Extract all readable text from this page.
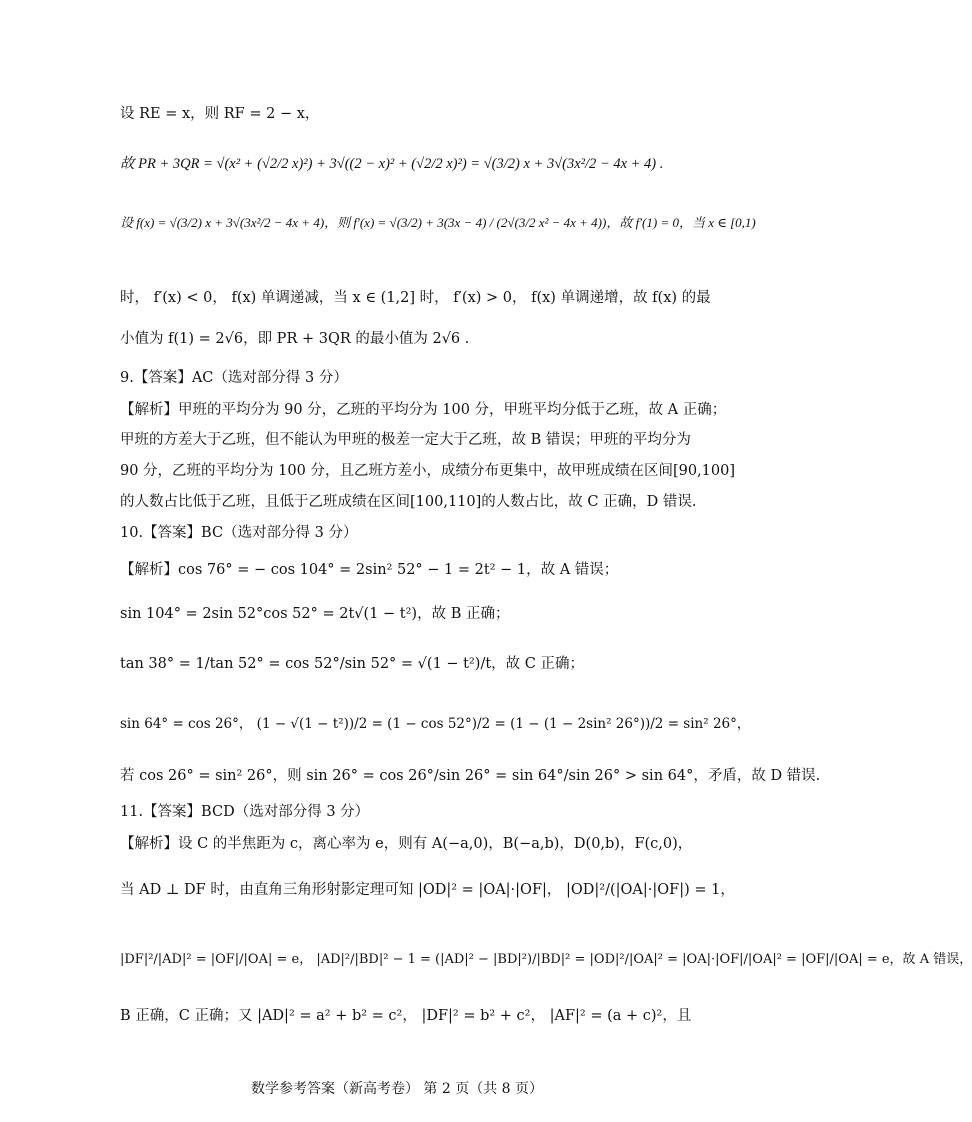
设 RE = x，则 RF = 2 − x，
故 PR + 3QR = √(x² + (√2/2 x)²) + 3√((2 − x)² + (√2/2 x)²) = √(3/2) x + 3√(3x²/2 − 4x + 4) .
设 f(x) = √(3/2) x + 3√(3x²/2 − 4x + 4)，则 f′(x) = √(3/2) + 3(3x − 4) / (2√(3/2 x² − 4x + 4))，故 f′(1) = 0，当 x ∈ [0,1)
时， f′(x) < 0， f(x) 单调递减，当 x ∈ (1,2] 时， f′(x) > 0， f(x) 单调递增，故 f(x) 的最
小值为 f(1) = 2√6，即 PR + 3QR 的最小值为 2√6 .
9.【答案】AC（选对部分得 3 分）
【解析】甲班的平均分为 90 分，乙班的平均分为 100 分，甲班平均分低于乙班，故 A 正确；
甲班的方差大于乙班，但不能认为甲班的极差一定大于乙班，故 B 错误；甲班的平均分为
90 分，乙班的平均分为 100 分，且乙班方差小，成绩分布更集中，故甲班成绩在区间[90,100]
的人数占比低于乙班，且低于乙班成绩在区间[100,110]的人数占比，故 C 正确，D 错误.
10.【答案】BC（选对部分得 3 分）
【解析】cos 76° = − cos 104° = 2sin² 52° − 1 = 2t² − 1，故 A 错误；
sin 104° = 2sin 52°cos 52° = 2t√(1 − t²)，故 B 正确；
tan 38° = 1/tan 52° = cos 52°/sin 52° = √(1 − t²)/t，故 C 正确；
sin 64° = cos 26°， (1 − √(1 − t²))/2 = (1 − cos 52°)/2 = (1 − (1 − 2sin² 26°))/2 = sin² 26°，
若 cos 26° = sin² 26°，则 sin 26° = cos 26°/sin 26° = sin 64°/sin 26° > sin 64°，矛盾，故 D 错误.
11.【答案】BCD（选对部分得 3 分）
【解析】设 C 的半焦距为 c，离心率为 e，则有 A(−a,0)，B(−a,b)，D(0,b)，F(c,0)，
当 AD ⊥ DF 时，由直角三角形射影定理可知 |OD|² = |OA|·|OF|， |OD|²/(|OA|·|OF|) = 1，
|DF|²/|AD|² = |OF|/|OA| = e， |AD|²/|BD|² − 1 = (|AD|² − |BD|²)/|BD|² = |OD|²/|OA|² = |OA|·|OF|/|OA|² = |OF|/|OA| = e，故 A 错误，
B 正确，C 正确；又 |AD|² = a² + b² = c²， |DF|² = b² + c²， |AF|² = (a + c)²，且
数学参考答案（新高考卷） 第 2 页（共 8 页）
